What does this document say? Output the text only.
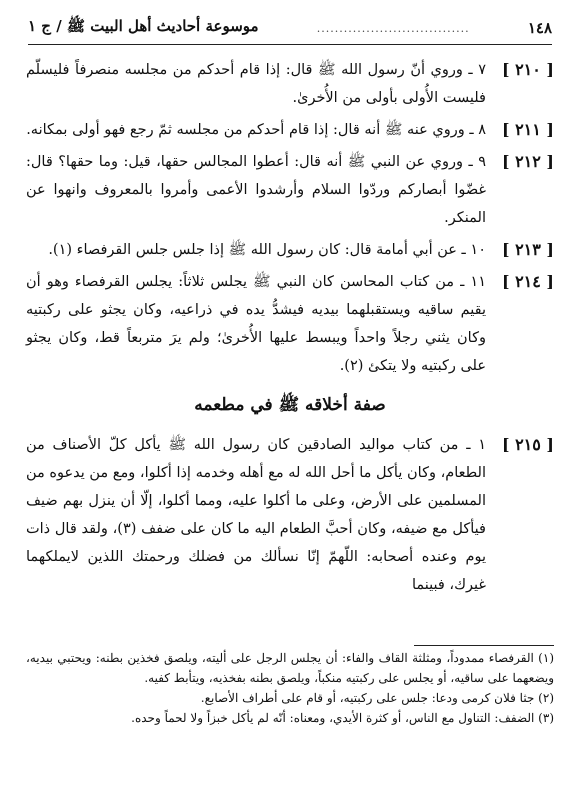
١٤٨
..................................
موسوعة أحاديث أهل البيت ﷺ / ج ١
[ ٢١٠ ]
٧ ـ وروي أنّ رسول الله ﷺ قال: إذا قام أحدكم من مجلسه منصرفاً فليسلّم فليست الأُولى بأولى من الأُخرىٰ.
[ ٢١١ ]
٨ ـ وروي عنه ﷺ أنه قال: إذا قام أحدكم من مجلسه ثمّ رجع فهو أولى بمكانه.
[ ٢١٢ ]
٩ ـ وروي عن النبي ﷺ أنه قال: أعطوا المجالس حقها، قيل: وما حقها؟ قال: غضّوا أبصاركم وردّوا السلام وأرشدوا الأعمى وأمروا بالمعروف وانهوا عن المنكر.
[ ٢١٣ ]
١٠ ـ عن أبي أمامة قال: كان رسول الله ﷺ إذا جلس جلس القرفصاء (١).
[ ٢١٤ ]
١١ ـ من كتاب المحاسن كان النبي ﷺ يجلس ثلاثاً: يجلس القرفصاء وهو أن يقيم ساقيه ويستقبلهما بيديه فيشدُّ يده في ذراعيه، وكان يجثو على ركبتيه وكان يثني رجلاً واحداً ويبسط عليها الأُخرىٰ؛ ولم يرَ متربعاً قط، وكان يجثو على ركبتيه ولا يتكئ (٢).
صفة أخلاقه ﷺ في مطعمه
[ ٢١٥ ]
١ ـ من كتاب مواليد الصادقين كان رسول الله ﷺ يأكل كلّ الأصناف من الطعام، وكان يأكل ما أحل الله له مع أهله وخدمه إذا أكلوا، ومع من يدعوه من المسلمين على الأرض، وعلى ما أكلوا عليه، ومما أكلوا، إلّا أن ينزل بهم ضيف فيأكل مع ضيفه، وكان أحبَّ الطعام اليه ما كان على ضفف (٣)، ولقد قال ذات يوم وعنده أصحابه: اللّهمّ إنّا نسألك من فضلك ورحمتك اللذين لايملكهما غيرك، فبينما

(١) القرفصاء ممدوداً، ومثلثة القاف والفاء: أن يجلس الرجل على أليته، ويلصق فخذين بطنه: ويحتبي بيديه، ويضعهما على ساقيه، أو يجلس على ركبتيه منكباً، ويلصق بطنه بفخذيه، ويتأبط كفيه.

(٢) جثا فلان كرمى ودعا: جلس على ركبتيه، أو قام على أطراف الأصابع.

(٣) الضفف: التناول مع الناس، أو كثرة الأيدي، ومعناه: أنّه لم يأكل خبزاً ولا لحماً وحده.
